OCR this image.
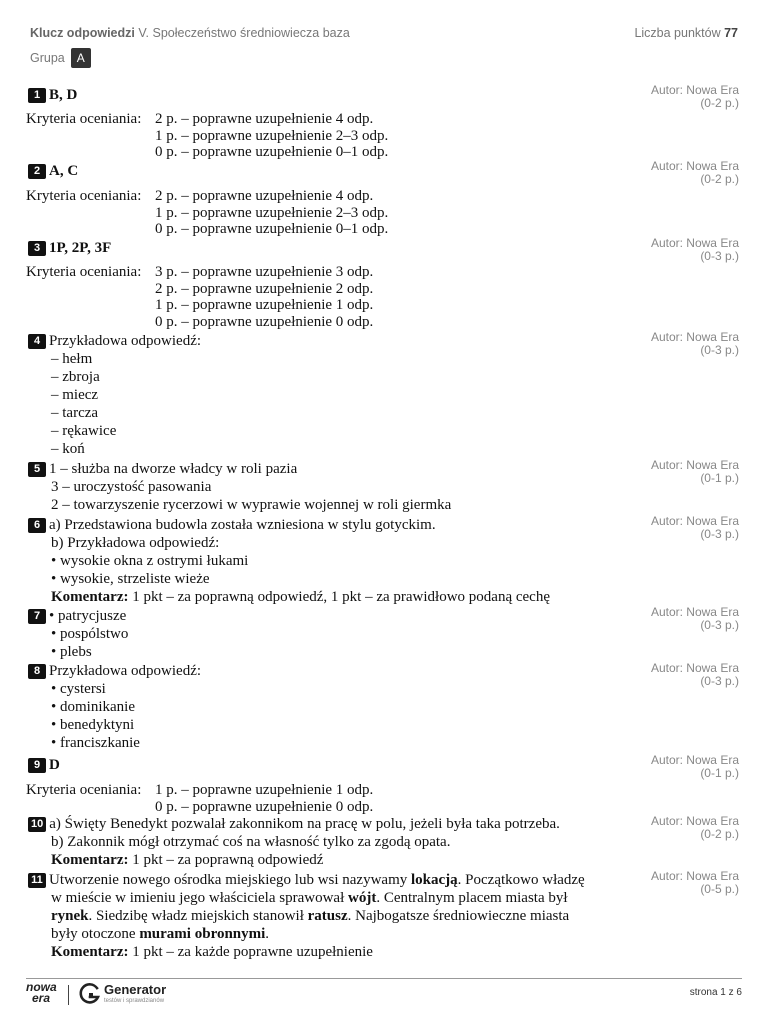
Klucz odpowiedzi V. Społeczeństwo średniowiecza baza	Liczba punktów 77
Grupa A
Autor: Nowa Era
(0-2 p.)
1 B, D
Kryteria oceniania: 2 p. – poprawne uzupełnienie 4 odp.
1 p. – poprawne uzupełnienie 2–3 odp.
0 p. – poprawne uzupełnienie 0–1 odp.
Autor: Nowa Era
(0-2 p.)
2 A, C
Kryteria oceniania: 2 p. – poprawne uzupełnienie 4 odp.
1 p. – poprawne uzupełnienie 2–3 odp.
0 p. – poprawne uzupełnienie 0–1 odp.
Autor: Nowa Era
(0-3 p.)
3 1P, 2P, 3F
Kryteria oceniania: 3 p. – poprawne uzupełnienie 3 odp.
2 p. – poprawne uzupełnienie 2 odp.
1 p. – poprawne uzupełnienie 1 odp.
0 p. – poprawne uzupełnienie 0 odp.
Autor: Nowa Era
(0-3 p.)
4 Przykładowa odpowiedź:
– hełm
– zbroja
– miecz
– tarcza
– rękawice
– koń
Autor: Nowa Era
(0-1 p.)
5 1 – służba na dworze władcy w roli pazia
3 – uroczystość pasowania
2 – towarzyszenie rycerzowi w wyprawie wojennej w roli giermka
Autor: Nowa Era
(0-3 p.)
6 a) Przedstawiona budowla została wzniesiona w stylu gotyckim.
b) Przykładowa odpowiedź:
• wysokie okna z ostrymi łukami
• wysokie, strzeliste wieże
Komentarz: 1 pkt – za poprawną odpowiedź, 1 pkt – za prawidłowo podaną cechę
Autor: Nowa Era
(0-3 p.)
7 • patrycjusze
• pospólstwo
• plebs
Autor: Nowa Era
(0-3 p.)
8 Przykładowa odpowiedź:
• cystersi
• dominikanie
• benedyktyni
• franciszkanie
Autor: Nowa Era
(0-1 p.)
9 D
Kryteria oceniania: 1 p. – poprawne uzupełnienie 1 odp.
0 p. – poprawne uzupełnienie 0 odp.
Autor: Nowa Era
(0-2 p.)
10 a) Święty Benedykt pozwalał zakonnikom na pracę w polu, jeżeli była taka potrzeba.
b) Zakonnik mógł otrzymać coś na własność tylko za zgodą opata.
Komentarz: 1 pkt – za poprawną odpowiedź
Autor: Nowa Era
(0-5 p.)
11 Utworzenie nowego ośrodka miejskiego lub wsi nazywamy lokacją. Początkowo władzę
w mieście w imieniu jego właściciela sprawował wójt. Centralnym placem miasta był
rynek. Siedzibę władz miejskich stanowił ratusz. Najbogatsze średniowieczne miasta
były otoczone murami obronnymi.
Komentarz: 1 pkt – za każde poprawne uzupełnienie
nowa
era
Generator
testów i sprawdzianów
strona 1 z 6
